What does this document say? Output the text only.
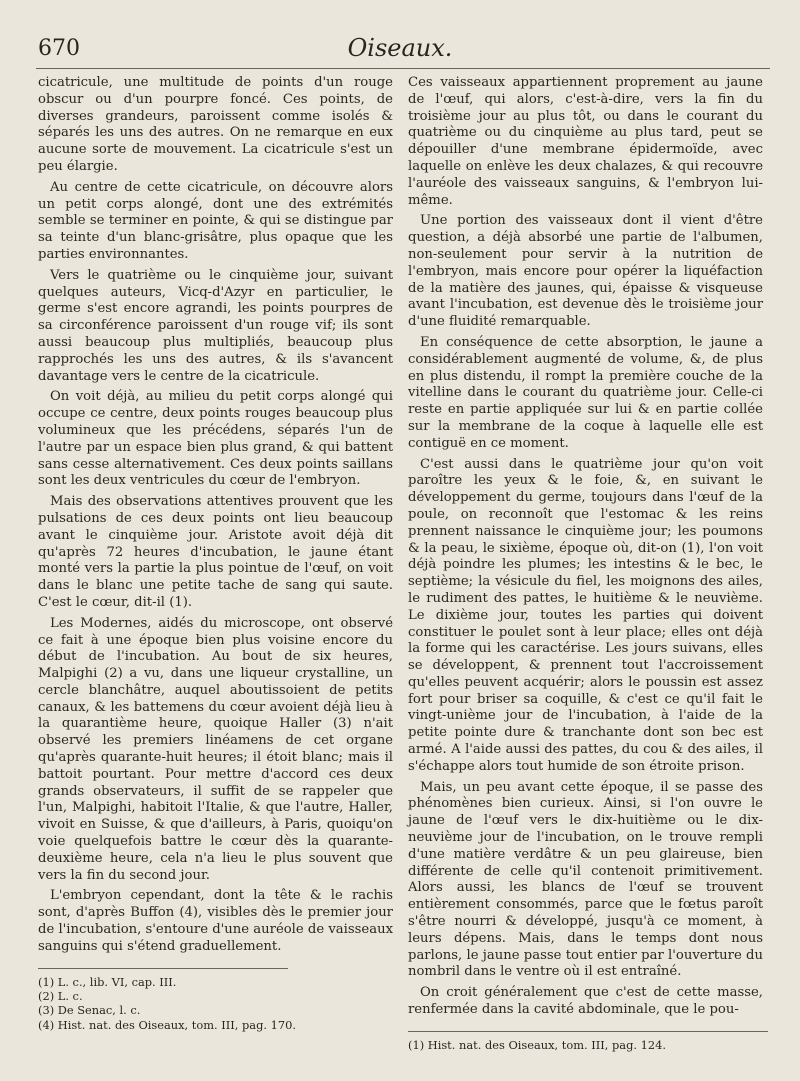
670	Oiseaux.

cicatricule, une multitude de points d'un rouge obscur ou d'un pourpre foncé. Ces points, de diverses grandeurs, paroissent comme isolés & séparés les uns des autres. On ne remarque en eux aucune sorte de mouvement. La cicatricule s'est un peu élargie.

Au centre de cette cicatricule, on découvre alors un petit corps alongé, dont une des extrémités semble se terminer en pointe, & qui se distingue par sa teinte d'un blanc-grisâtre, plus opaque que les parties environnantes.

Vers le quatrième ou le cinquième jour, suivant quelques auteurs, Vicq-d'Azyr en particulier, le germe s'est encore agrandi, les points pourpres de sa circonférence paroissent d'un rouge vif; ils sont aussi beaucoup plus multipliés, beaucoup plus rapprochés les uns des autres, & ils s'avancent davantage vers le centre de la cicatricule.

On voit déjà, au milieu du petit corps alongé qui occupe ce centre, deux points rouges beaucoup plus volumineux que les précédens, séparés l'un de l'autre par un espace bien plus grand, & qui battent sans cesse alternativement. Ces deux points saillans sont les deux ventricules du cœur de l'embryon.

Mais des observations attentives prouvent que les pulsations de ces deux points ont lieu beaucoup avant le cinquième jour. Aristote avoit déjà dit qu'après 72 heures d'incubation, le jaune étant monté vers la partie la plus pointue de l'œuf, on voit dans le blanc une petite tache de sang qui saute. C'est le cœur, dit-il (1).

Les Modernes, aidés du microscope, ont observé ce fait à une époque bien plus voisine encore du début de l'incubation. Au bout de six heures, Malpighi (2) a vu, dans une liqueur crystalline, un cercle blanchâtre, auquel aboutissoient de petits canaux, & les battemens du cœur avoient déjà lieu à la quarantième heure, quoique Haller (3) n'ait observé les premiers linéamens de cet organe qu'après quarante-huit heures; il étoit blanc; mais il battoit pourtant. Pour mettre d'accord ces deux grands observateurs, il suffit de se rappeler que l'un, Malpighi, habitoit l'Italie, & que l'autre, Haller, vivoit en Suisse, & que d'ailleurs, à Paris, quoiqu'on voie quelquefois battre le cœur dès la quarante-deuxième heure, cela n'a lieu le plus souvent que vers la fin du second jour.

L'embryon cependant, dont la tête & le rachis sont, d'après Buffon (4), visibles dès le premier jour de l'incubation, s'entoure d'une auréole de vaisseaux sanguins qui s'étend graduellement.

(1) L. c., lib. VI, cap. III.
(2) L. c.
(3) De Senac, l. c.
(4) Hist. nat. des Oiseaux, tom. III, pag. 170.

Ces vaisseaux appartiennent proprement au jaune de l'œuf, qui alors, c'est-à-dire, vers la fin du troisième jour au plus tôt, ou dans le courant du quatrième ou du cinquième au plus tard, peut se dépouiller d'une membrane épidermoïde, avec laquelle on enlève les deux chalazes, & qui recouvre l'auréole des vaisseaux sanguins, & l'embryon lui-même.

Une portion des vaisseaux dont il vient d'être question, a déjà absorbé une partie de l'albumen, non-seulement pour servir à la nutrition de l'embryon, mais encore pour opérer la liquéfaction de la matière des jaunes, qui, épaisse & visqueuse avant l'incubation, est devenue dès le troisième jour d'une fluidité remarquable.

En conséquence de cette absorption, le jaune a considérablement augmenté de volume, &, de plus en plus distendu, il rompt la première couche de la vitelline dans le courant du quatrième jour. Celle-ci reste en partie appliquée sur lui & en partie collée sur la membrane de la coque à laquelle elle est contiguë en ce moment.

C'est aussi dans le quatrième jour qu'on voit paroître les yeux & le foie, &, en suivant le développement du germe, toujours dans l'œuf de la poule, on reconnoît que l'estomac & les reins prennent naissance le cinquième jour; les poumons & la peau, le sixième, époque où, dit-on (1), l'on voit déjà poindre les plumes; les intestins & le bec, le septième; la vésicule du fiel, les moignons des ailes, le rudiment des pattes, le huitième & le neuvième. Le dixième jour, toutes les parties qui doivent constituer le poulet sont à leur place; elles ont déjà la forme qui les caractérise. Les jours suivans, elles se développent, & prennent tout l'accroissement qu'elles peuvent acquérir; alors le poussin est assez fort pour briser sa coquille, & c'est ce qu'il fait le vingt-unième jour de l'incubation, à l'aide de la petite pointe dure & tranchante dont son bec est armé. A l'aide aussi des pattes, du cou & des ailes, il s'échappe alors tout humide de son étroite prison.

Mais, un peu avant cette époque, il se passe des phénomènes bien curieux. Ainsi, si l'on ouvre le jaune de l'œuf vers le dix-huitième ou le dix-neuvième jour de l'incubation, on le trouve rempli d'une matière verdâtre & un peu glaireuse, bien différente de celle qu'il contenoit primitivement. Alors aussi, les blancs de l'œuf se trouvent entièrement consommés, parce que le fœtus paroît s'être nourri & développé, jusqu'à ce moment, à leurs dépens. Mais, dans le temps dont nous parlons, le jaune passe tout entier par l'ouverture du nombril dans le ventre où il est entraîné.

On croit généralement que c'est de cette masse, renfermée dans la cavité abdominale, que le pou-

(1) Hist. nat. des Oiseaux, tom. III, pag. 124.
